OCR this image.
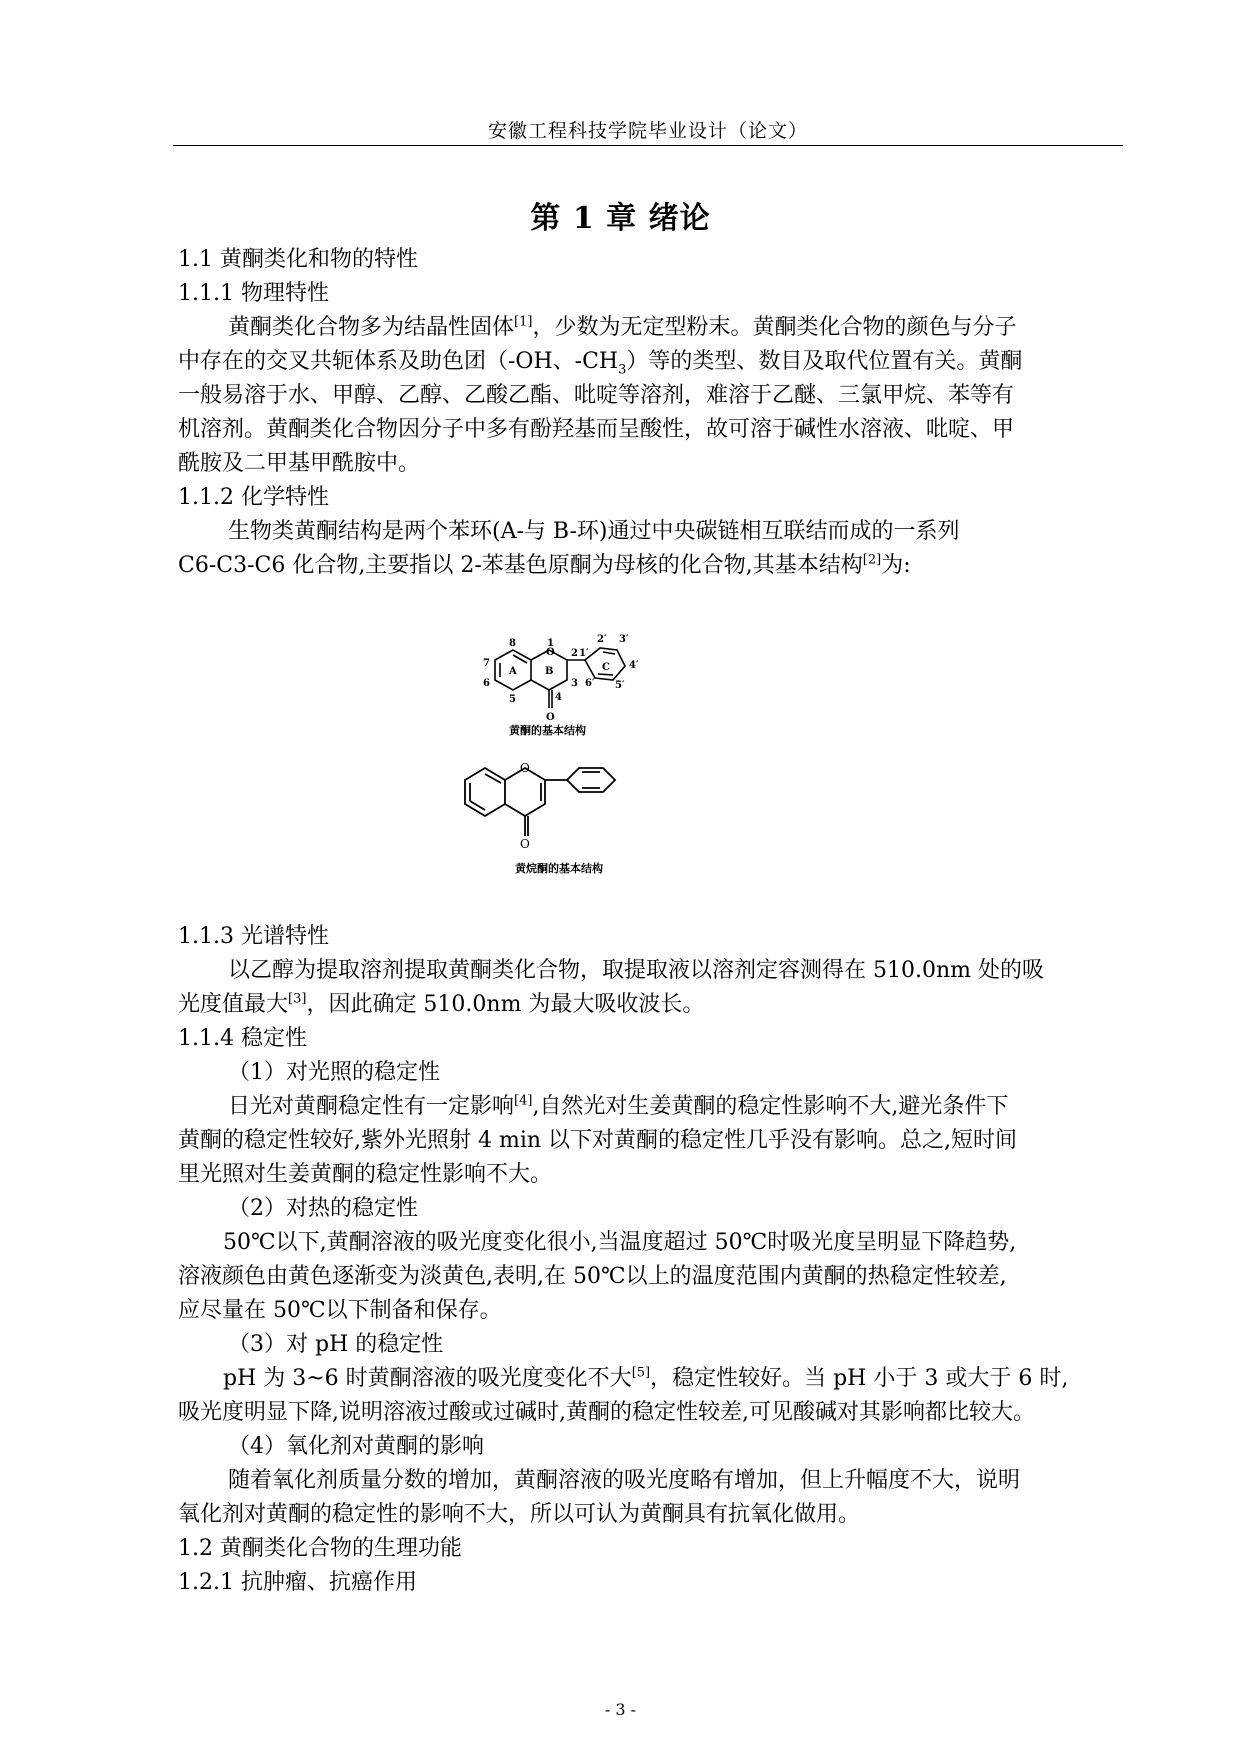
安徽工程科技学院毕业设计（论文）
第 1 章 绪论
1.1 黄酮类化和物的特性
1.1.1 物理特性
黄酮类化合物多为结晶性固体[1]，少数为无定型粉末。黄酮类化合物的颜色与分子
中存在的交叉共轭体系及助色团（-OH、$-CH_3$）等的类型、数目及取代位置有关。黄酮
一般易溶于水、甲醇、乙醇、乙酸乙酯、吡啶等溶剂，难溶于乙醚、三氯甲烷、苯等有
机溶剂。黄酮类化合物因分子中多有酚羟基而呈酸性，故可溶于碱性水溶液、吡啶、甲
酰胺及二甲基甲酰胺中。
1.1.2 化学特性
生物类黄酮结构是两个苯环(A-与 B-环)通过中央碳链相互联结而成的一系列
C6-C3-C6 化合物,主要指以 2-苯基色原酮为母核的化合物,其基本结构[2]为:
8	1
2
2′ 3′
7
A	B
1′
C 4′
6	3 6′ 5′
5	4
O
O
黄酮的基本结构
O
O
黄烷酮的基本结构
1.1.3 光谱特性
以乙醇为提取溶剂提取黄酮类化合物，取提取液以溶剂定容测得在 510.0nm 处的吸
光度值最大[3]，因此确定 510.0nm 为最大吸收波长。
1.1.4 稳定性
（1）对光照的稳定性
日光对黄酮稳定性有一定影响[4],自然光对生姜黄酮的稳定性影响不大,避光条件下
黄酮的稳定性较好,紫外光照射 4 min 以下对黄酮的稳定性几乎没有影响。总之,短时间
里光照对生姜黄酮的稳定性影响不大。
（2）对热的稳定性
50℃以下,黄酮溶液的吸光度变化很小,当温度超过 50℃时吸光度呈明显下降趋势,
溶液颜色由黄色逐渐变为淡黄色,表明,在 50℃以上的温度范围内黄酮的热稳定性较差,
应尽量在 50℃以下制备和保存。
（3）对 pH 的稳定性
pH 为 3~6 时黄酮溶液的吸光度变化不大[5]，稳定性较好。当 pH 小于 3 或大于 6 时,
吸光度明显下降,说明溶液过酸或过碱时,黄酮的稳定性较差,可见酸碱对其影响都比较大。
（4）氧化剂对黄酮的影响
随着氧化剂质量分数的增加，黄酮溶液的吸光度略有增加，但上升幅度不大，说明
氧化剂对黄酮的稳定性的影响不大，所以可认为黄酮具有抗氧化做用。
1.2 黄酮类化合物的生理功能
1.2.1 抗肿瘤、抗癌作用
- 3 -
